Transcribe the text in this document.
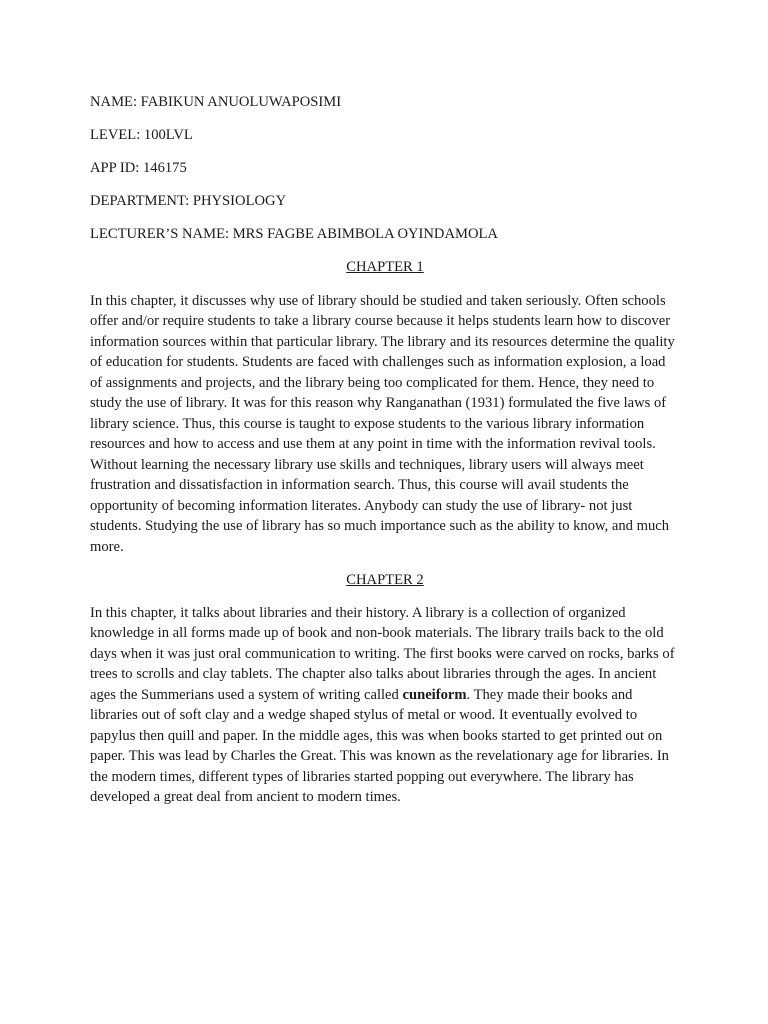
NAME: FABIKUN ANUOLUWAPOSIMI

LEVEL: 100LVL

APP ID: 146175

DEPARTMENT: PHYSIOLOGY

LECTURER’S NAME: MRS FAGBE ABIMBOLA OYINDAMOLA

CHAPTER 1

In this chapter, it discusses why use of library should be studied and taken seriously. Often schools offer and/or require students to take a library course because it helps students learn how to discover information sources within that particular library. The library and its resources determine the quality of education for students. Students are faced with challenges such as information explosion, a load of assignments and projects, and the library being too complicated for them. Hence, they need to study the use of library. It was for this reason why Ranganathan (1931) formulated the five laws of library science. Thus, this course is taught to expose students to the various library information resources and how to access and use them at any point in time with the information revival tools. Without learning the necessary library use skills and techniques, library users will always meet frustration and dissatisfaction in information search. Thus, this course will avail students the opportunity of becoming information literates. Anybody can study the use of library- not just students. Studying the use of library has so much importance such as the ability to know, and much more.

CHAPTER 2

In this chapter, it talks about libraries and their history. A library is a collection of organized knowledge in all forms made up of book and non-book materials. The library trails back to the old days when it was just oral communication to writing. The first books were carved on rocks, barks of trees to scrolls and clay tablets. The chapter also talks about libraries through the ages. In ancient ages the Summerians used a system of writing called cuneiform. They made their books and libraries out of soft clay and a wedge shaped stylus of metal or wood. It eventually evolved to papylus then quill and paper. In the middle ages, this was when books started to get printed out on paper. This was lead by Charles the Great. This was known as the revelationary age for libraries. In the modern times, different types of libraries started popping out everywhere. The library has developed a great deal from ancient to modern times.
